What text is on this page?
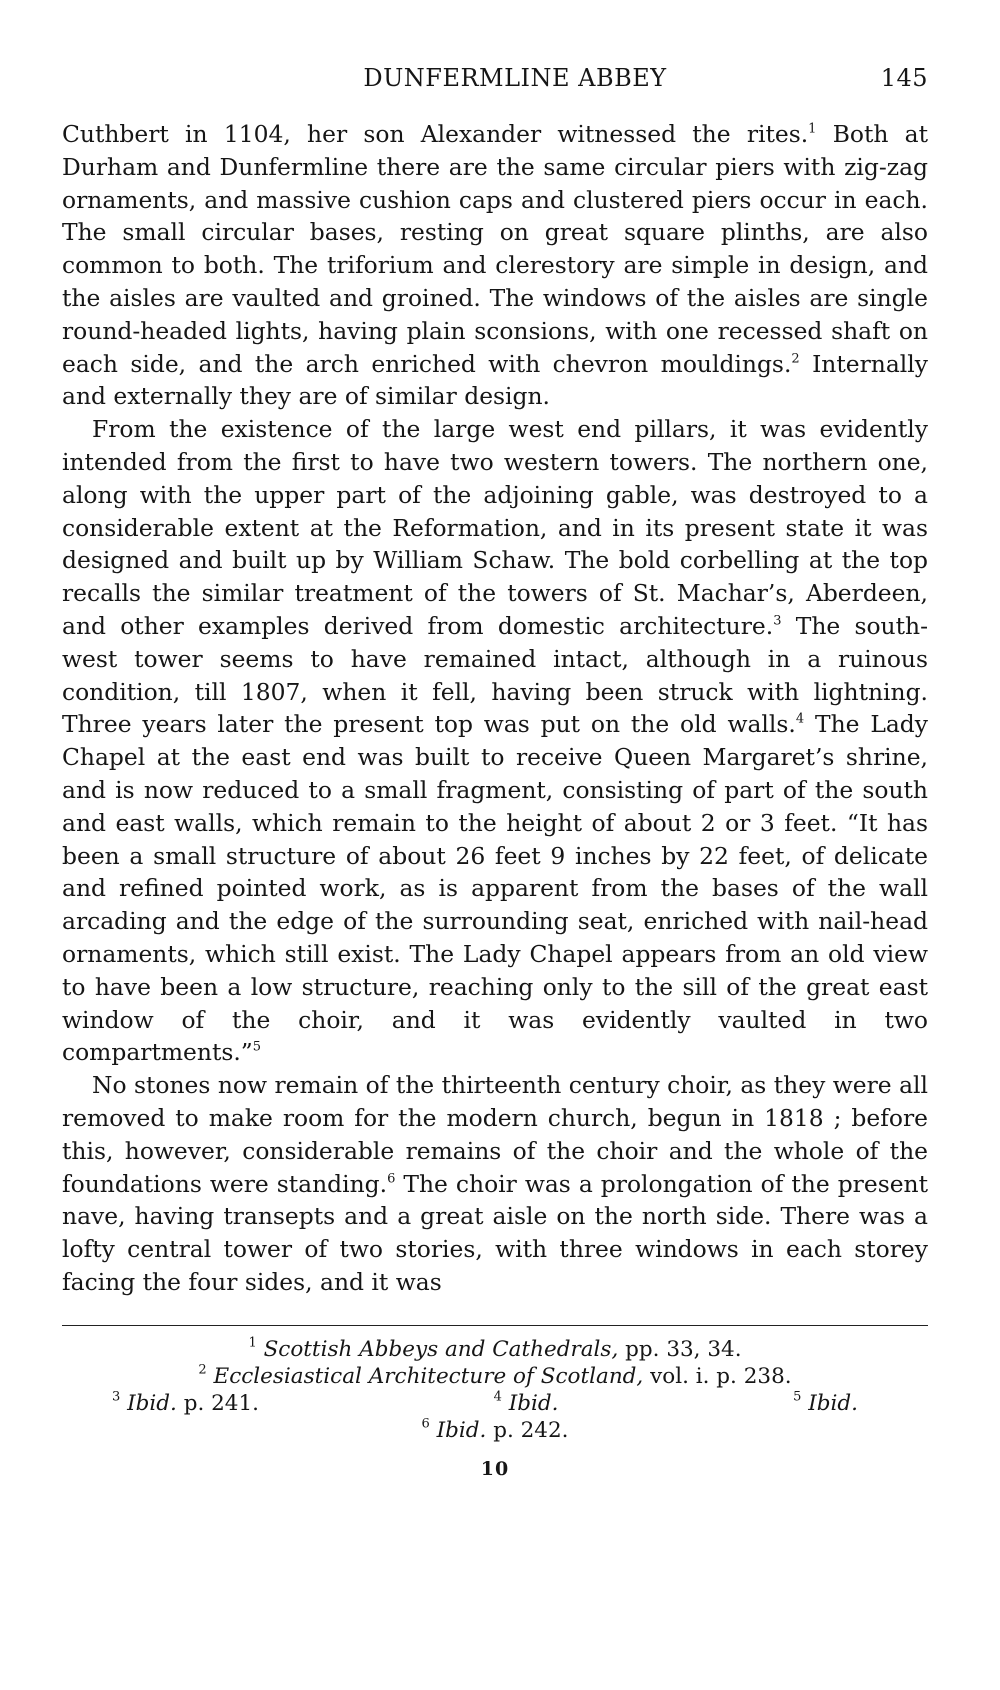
DUNFERMLINE ABBEY	145

Cuthbert in 1104, her son Alexander witnessed the rites.$^1$ Both at Durham and Dunfermline there are the same circular piers with zig-zag ornaments, and massive cushion caps and clustered piers occur in each. The small circular bases, resting on great square plinths, are also common to both. The triforium and clerestory are simple in design, and the aisles are vaulted and groined. The windows of the aisles are single round-headed lights, having plain sconsions, with one recessed shaft on each side, and the arch enriched with chevron mouldings.$^2$ Internally and externally they are of similar design.

From the existence of the large west end pillars, it was evidently intended from the first to have two western towers. The northern one, along with the upper part of the adjoining gable, was destroyed to a considerable extent at the Reformation, and in its present state it was designed and built up by William Schaw. The bold corbelling at the top recalls the similar treatment of the towers of St. Machar’s, Aberdeen, and other examples derived from domestic architecture.$^3$ The south-west tower seems to have remained intact, although in a ruinous condition, till 1807, when it fell, having been struck with lightning. Three years later the present top was put on the old walls.$^4$ The Lady Chapel at the east end was built to receive Queen Margaret’s shrine, and is now reduced to a small fragment, consisting of part of the south and east walls, which remain to the height of about 2 or 3 feet. “It has been a small structure of about 26 feet 9 inches by 22 feet, of delicate and refined pointed work, as is apparent from the bases of the wall arcading and the edge of the surrounding seat, enriched with nail-head ornaments, which still exist. The Lady Chapel appears from an old view to have been a low structure, reaching only to the sill of the great east window of the choir, and it was evidently vaulted in two compartments.”$^5$

No stones now remain of the thirteenth century choir, as they were all removed to make room for the modern church, begun in 1818 ; before this, however, considerable remains of the choir and the whole of the foundations were standing.$^6$ The choir was a prolongation of the present nave, having transepts and a great aisle on the north side. There was a lofty central tower of two stories, with three windows in each storey facing the four sides, and it was

$^1$ Scottish Abbeys and Cathedrals, pp. 33, 34.
$^2$ Ecclesiastical Architecture of Scotland, vol. i. p. 238.
$^3$ Ibid. p. 241.	$^4$ Ibid.	$^5$ Ibid.
$^6$ Ibid. p. 242.
10
